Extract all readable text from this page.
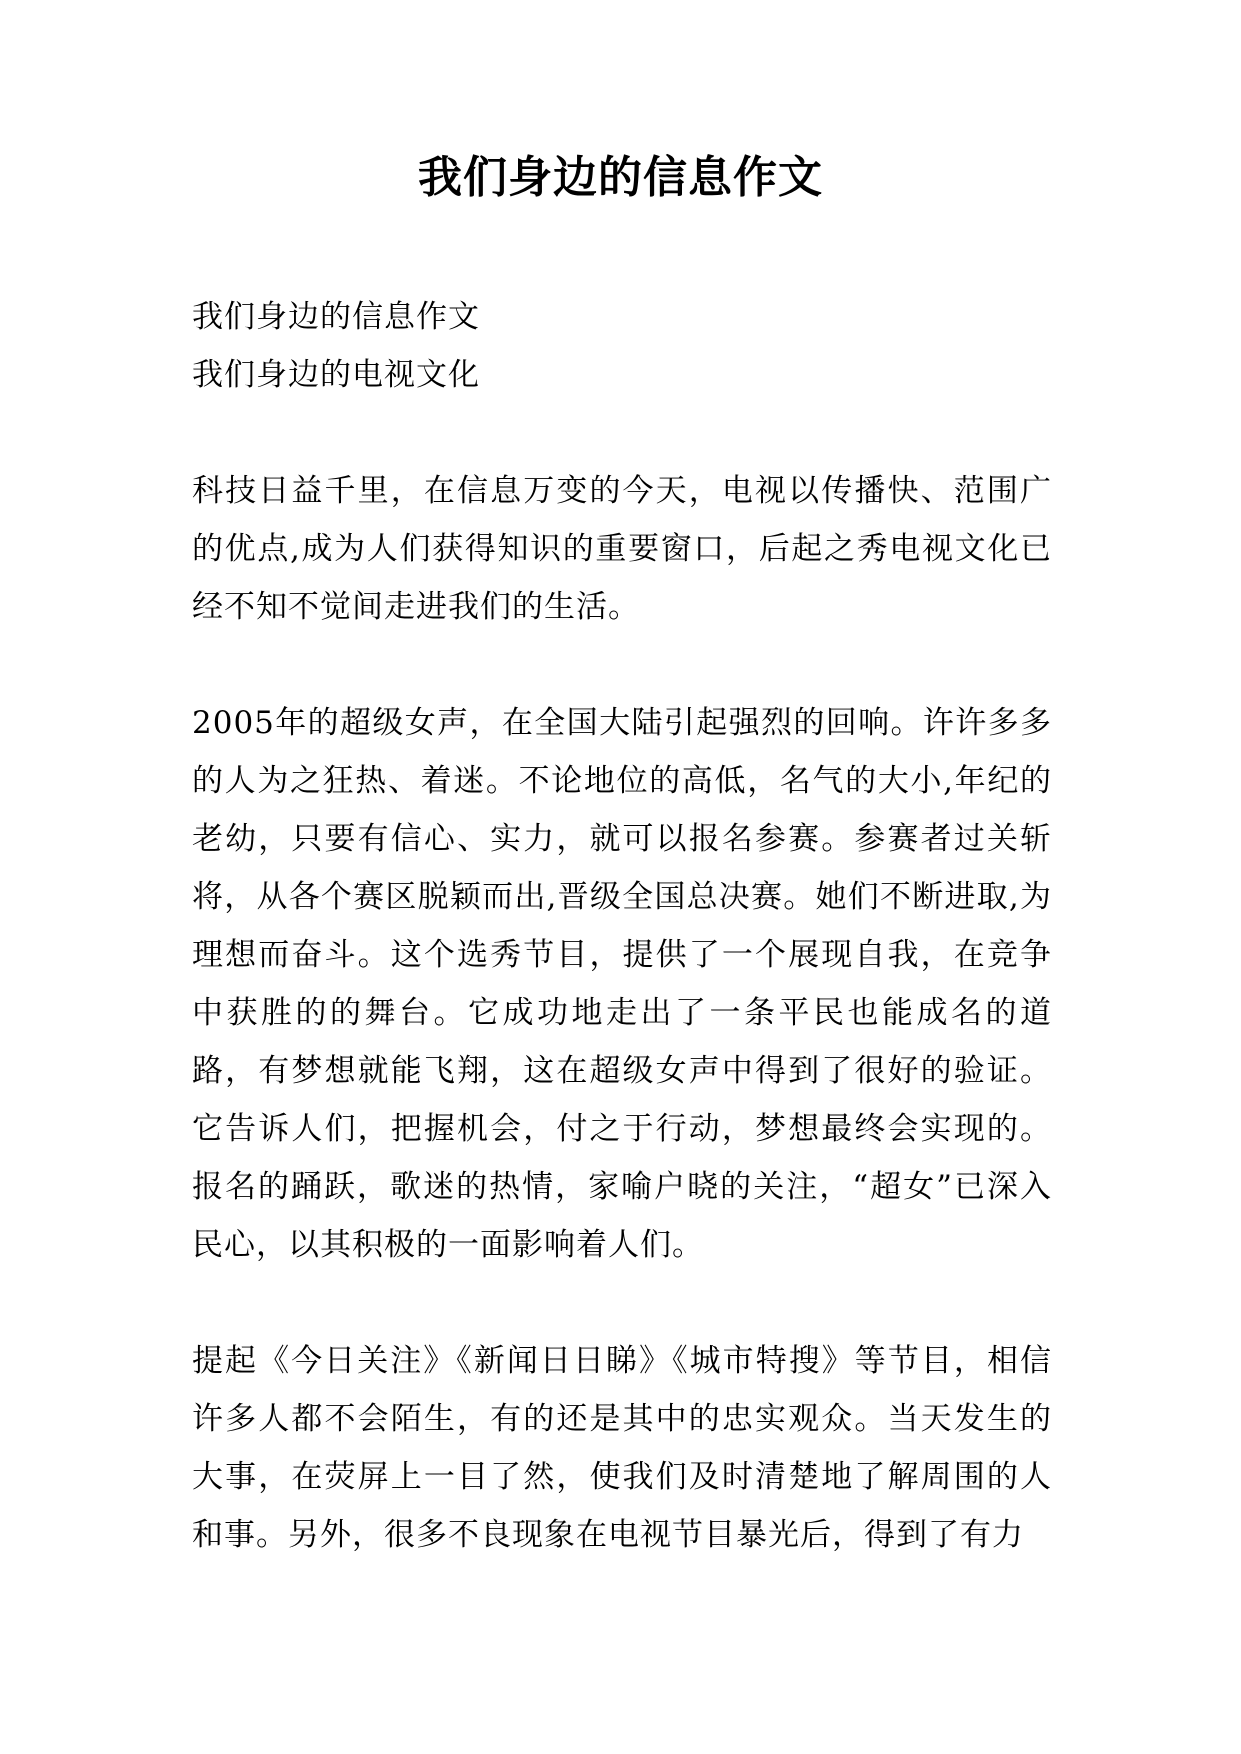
我们身边的信息作文

我们身边的信息作文
我们身边的电视文化

科技日益千里，在信息万变的今天，电视以传播快、范围广的优点,成为人们获得知识的重要窗口，后起之秀电视文化已经不知不觉间走进我们的生活。

2005年的超级女声，在全国大陆引起强烈的回响。许许多多的人为之狂热、着迷。不论地位的高低，名气的大小,年纪的老幼，只要有信心、实力，就可以报名参赛。参赛者过关斩将，从各个赛区脱颖而出,晋级全国总决赛。她们不断进取,为理想而奋斗。这个选秀节目，提供了一个展现自我，在竞争中获胜的的舞台。它成功地走出了一条平民也能成名的道路，有梦想就能飞翔，这在超级女声中得到了很好的验证。它告诉人们，把握机会，付之于行动，梦想最终会实现的。报名的踊跃，歌迷的热情，家喻户晓的关注，“超女”已深入民心，以其积极的一面影响着人们。

提起《今日关注》《新闻日日睇》《城市特搜》等节目，相信许多人都不会陌生，有的还是其中的忠实观众。当天发生的大事，在荧屏上一目了然，使我们及时清楚地了解周围的人和事。另外，很多不良现象在电视节目暴光后，得到了有力
